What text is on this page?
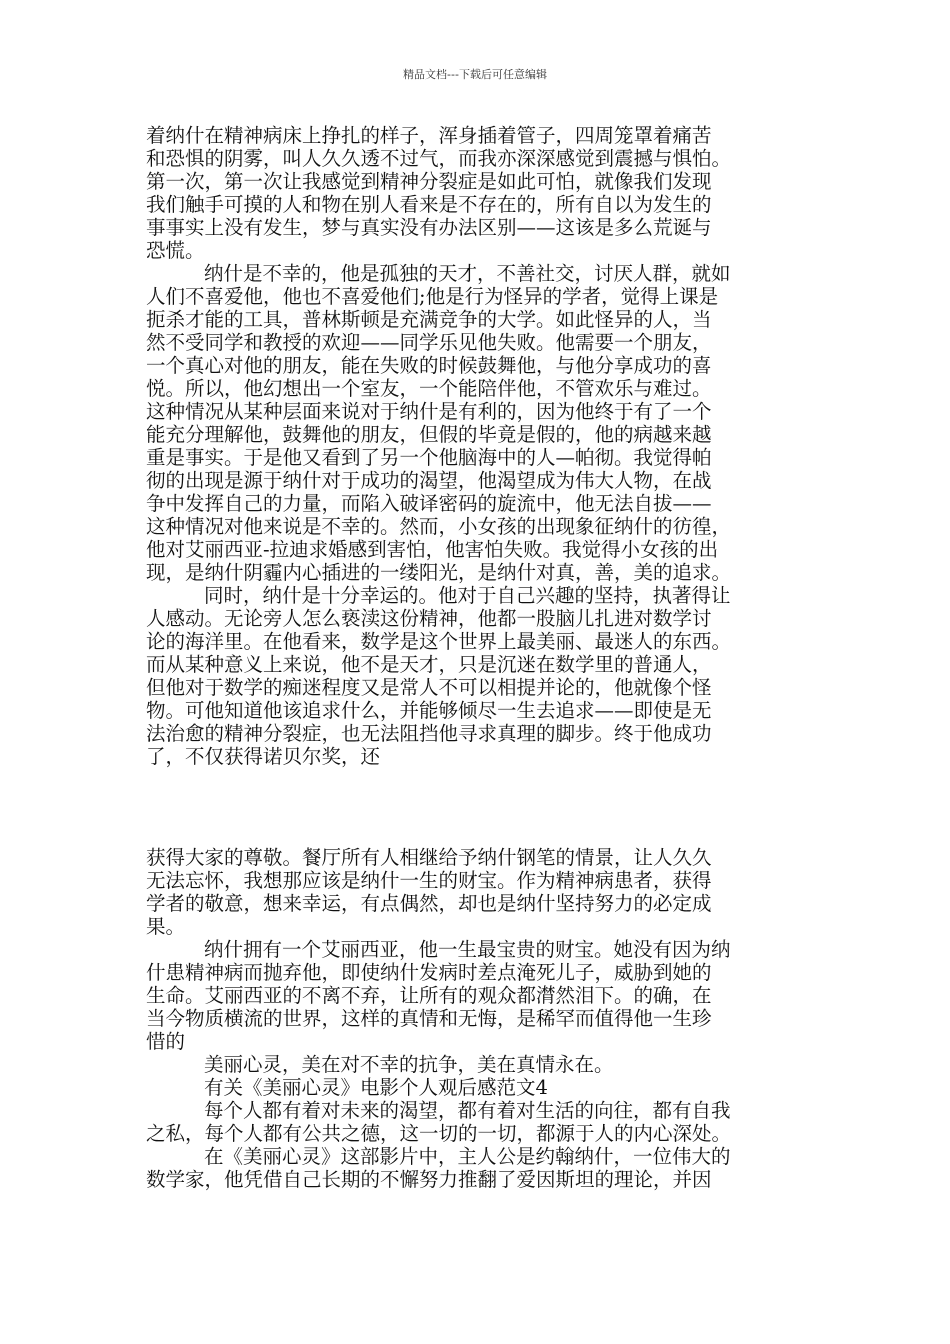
精品文档---下载后可任意编辑
着纳什在精神病床上挣扎的样子，浑身插着管子，四周笼罩着痛苦
和恐惧的阴雾，叫人久久透不过气，而我亦深深感觉到震撼与惧怕。
第一次，第一次让我感觉到精神分裂症是如此可怕，就像我们发现
我们触手可摸的人和物在别人看来是不存在的，所有自以为发生的
事事实上没有发生，梦与真实没有办法区别——这该是多么荒诞与
恐慌。
纳什是不幸的，他是孤独的天才，不善社交，讨厌人群，就如
人们不喜爱他，他也不喜爱他们;他是行为怪异的学者，觉得上课是
扼杀才能的工具，普林斯顿是充满竞争的大学。如此怪异的人，当
然不受同学和教授的欢迎——同学乐见他失败。他需要一个朋友，
一个真心对他的朋友，能在失败的时候鼓舞他，与他分享成功的喜
悦。所以，他幻想出一个室友，一个能陪伴他，不管欢乐与难过。
这种情况从某种层面来说对于纳什是有利的，因为他终于有了一个
能充分理解他，鼓舞他的朋友，但假的毕竟是假的，他的病越来越
重是事实。于是他又看到了另一个他脑海中的人—帕彻。我觉得帕
彻的出现是源于纳什对于成功的渴望，他渴望成为伟大人物，在战
争中发挥自己的力量，而陷入破译密码的旋流中，他无法自拔——
这种情况对他来说是不幸的。然而，小女孩的出现象征纳什的彷徨，
他对艾丽西亚-拉迪求婚感到害怕，他害怕失败。我觉得小女孩的出
现，是纳什阴霾内心插进的一缕阳光，是纳什对真，善，美的追求。
同时，纳什是十分幸运的。他对于自己兴趣的坚持，执著得让
人感动。无论旁人怎么亵渎这份精神，他都一股脑儿扎进对数学讨
论的海洋里。在他看来，数学是这个世界上最美丽、最迷人的东西。
而从某种意义上来说，他不是天才，只是沉迷在数学里的普通人，
但他对于数学的痴迷程度又是常人不可以相提并论的，他就像个怪
物。可他知道他该追求什么，并能够倾尽一生去追求——即使是无
法治愈的精神分裂症，也无法阻挡他寻求真理的脚步。终于他成功
了，不仅获得诺贝尔奖，还
获得大家的尊敬。餐厅所有人相继给予纳什钢笔的情景，让人久久
无法忘怀，我想那应该是纳什一生的财宝。作为精神病患者，获得
学者的敬意，想来幸运，有点偶然，却也是纳什坚持努力的必定成
果。
纳什拥有一个艾丽西亚，他一生最宝贵的财宝。她没有因为纳
什患精神病而抛弃他，即使纳什发病时差点淹死儿子，威胁到她的
生命。艾丽西亚的不离不弃，让所有的观众都潸然泪下。的确，在
当今物质横流的世界，这样的真情和无悔，是稀罕而值得他一生珍
惜的
美丽心灵，美在对不幸的抗争，美在真情永在。
有关《美丽心灵》电影个人观后感范文4
每个人都有着对未来的渴望，都有着对生活的向往，都有自我
之私，每个人都有公共之德，这一切的一切，都源于人的内心深处。
在《美丽心灵》这部影片中，主人公是约翰纳什，一位伟大的
数学家，他凭借自己长期的不懈努力推翻了爱因斯坦的理论，并因
